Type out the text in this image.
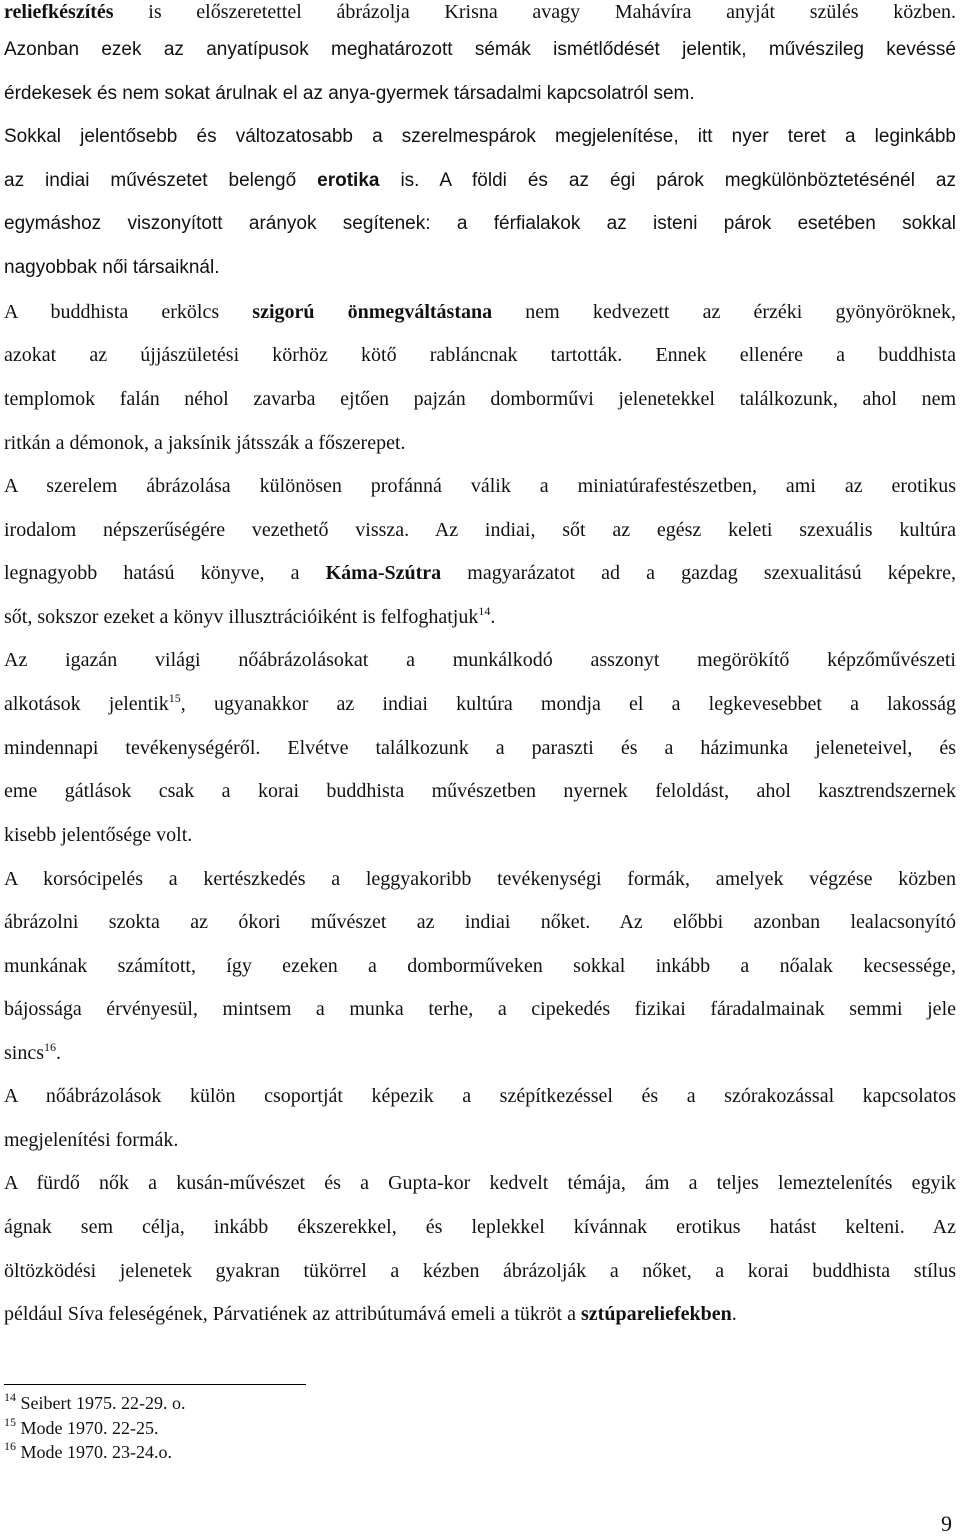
reliefkészítés is előszeretettel ábrázolja Krisna avagy Mahávíra anyját szülés közben.
Azonban ezek az anyatípusok meghatározott sémák ismétlődését jelentik, művészileg kevéssé
érdekesek és nem sokat árulnak el az anya-gyermek társadalmi kapcsolatról sem.
Sokkal jelentősebb és változatosabb a szerelmespárok megjelenítése, itt nyer teret a leginkább
az indiai művészetet belengő erotika is. A földi és az égi párok megkülönböztetésénél az
egymáshoz viszonyított arányok segítenek: a férfialakok az isteni párok esetében sokkal
nagyobbak női társaiknál.
A buddhista erkölcs szigorú önmegváltástana nem kedvezett az érzéki gyönyöröknek,
azokat az újjászületési körhöz kötő rabláncnak tartották. Ennek ellenére a buddhista
templomok falán néhol zavarba ejtően pajzán domborművi jelenetekkel találkozunk, ahol nem
ritkán a démonok, a jaksínik játsszák a főszerepet.
A szerelem ábrázolása különösen profánná válik a miniatúrafestészetben, ami az erotikus
irodalom népszerűségére vezethető vissza. Az indiai, sőt az egész keleti szexuális kultúra
legnagyobb hatású könyve, a Káma-Szútra magyarázatot ad a gazdag szexualitású képekre,
sőt, sokszor ezeket a könyv illusztrációiként is felfoghatjuk$^{14}$.
Az igazán világi nőábrázolásokat a munkálkodó asszonyt megörökítő képzőművészeti
alkotások jelentik$^{15}$, ugyanakkor az indiai kultúra mondja el a legkevesebbet a lakosság
mindennapi tevékenységéről. Elvétve találkozunk a paraszti és a házimunka jeleneteivel, és
eme gátlások csak a korai buddhista művészetben nyernek feloldást, ahol kasztrendszernek
kisebb jelentősége volt.
A korsócipelés a kertészkedés a leggyakoribb tevékenységi formák, amelyek végzése közben
ábrázolni szokta az ókori művészet az indiai nőket. Az előbbi azonban lealacsonyító
munkának számított, így ezeken a domborműveken sokkal inkább a nőalak kecsessége,
bájossága érvényesül, mintsem a munka terhe, a cipekedés fizikai fáradalmainak semmi jele
sincs$^{16}$.
A nőábrázolások külön csoportját képezik a szépítkezéssel és a szórakozással kapcsolatos
megjelenítési formák.
A fürdő nők a kusán-művészet és a Gupta-kor kedvelt témája, ám a teljes lemeztelenítés egyik
ágnak sem célja, inkább ékszerekkel, és leplekkel kívánnak erotikus hatást kelteni. Az
öltözködési jelenetek gyakran tükörrel a kézben ábrázolják a nőket, a korai buddhista stílus
például Síva feleségének, Párvatiének az attribútumává emeli a tükröt a sztúpareliefekben.
$^{14}$ Seibert 1975. 22-29. o.
$^{15}$ Mode 1970. 22-25.
$^{16}$ Mode 1970. 23-24.o.
9
